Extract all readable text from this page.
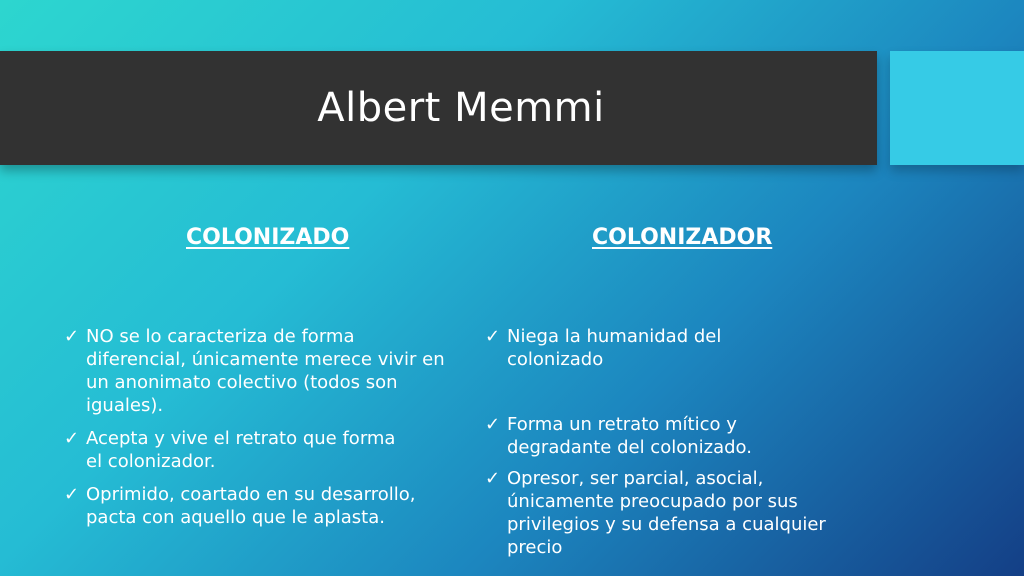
Albert Memmi
COLONIZADO
✓ NO se lo caracteriza de forma diferencial, únicamente merece vivir en un anonimato colectivo (todos son iguales).
✓ Acepta y vive el retrato que forma el colonizador.
✓ Oprimido, coartado en su desarrollo, pacta con aquello que le aplasta.
COLONIZADOR
✓ Niega la humanidad del colonizado
✓ Forma un retrato mítico y degradante del colonizado.
✓ Opresor, ser parcial, asocial, únicamente preocupado por sus privilegios y su defensa a cualquier precio
